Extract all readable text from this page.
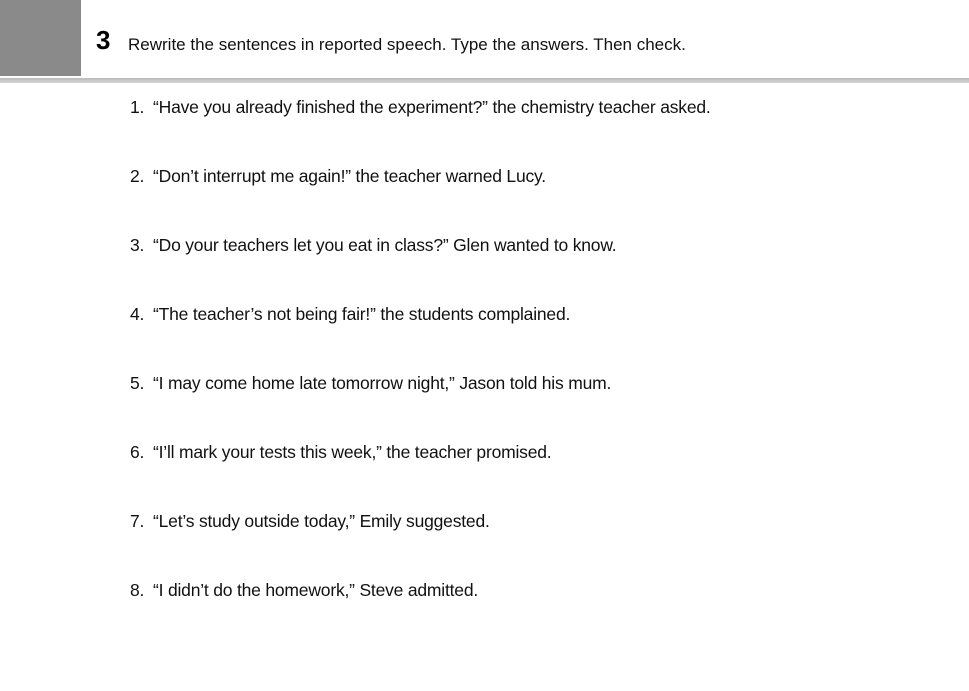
3 Rewrite the sentences in reported speech. Type the answers. Then check.
1. “Have you already finished the experiment?” the chemistry teacher asked.
2. “Don’t interrupt me again!” the teacher warned Lucy.
3. “Do your teachers let you eat in class?” Glen wanted to know.
4. “The teacher’s not being fair!” the students complained.
5. “I may come home late tomorrow night,” Jason told his mum.
6. “I’ll mark your tests this week,” the teacher promised.
7. “Let’s study outside today,” Emily suggested.
8. “I didn’t do the homework,” Steve admitted.
